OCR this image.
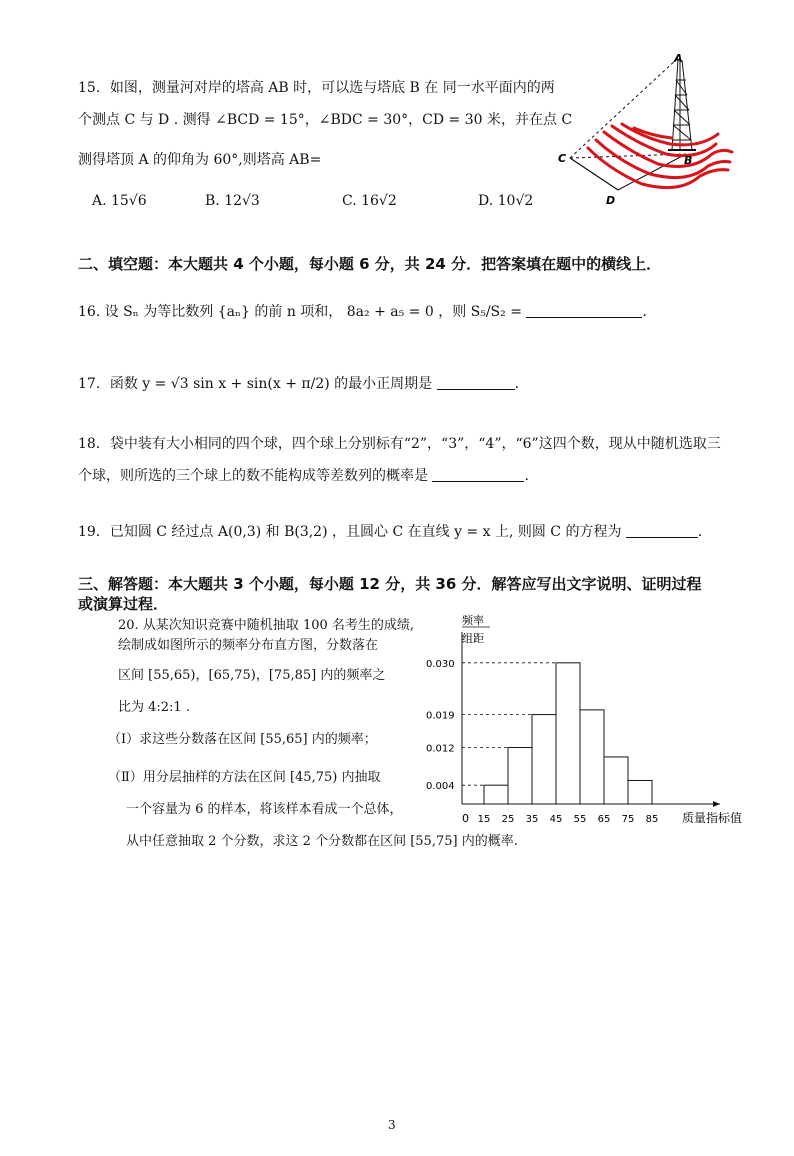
15．如图，测量河对岸的塔高 AB 时，可以选与塔底 B 在 同一水平面内的两
个测点 C 与 D . 测得 ∠BCD = 15°，∠BDC = 30°，CD = 30 米，并在点 C
测得塔顶 A 的仰角为 60°,则塔高 AB=
A. 15√6	B. 12√3	C. 16√2	D. 10√2
A
B
C
D
二、填空题：本大题共 4 个小题，每小题 6 分，共 24 分．把答案填在题中的横线上．
16. 设 Sₙ 为等比数列 {aₙ} 的前 n 项和， 8a₂ + a₅ = 0 ，则 S₅/S₂ =	.
17．函数 y = √3 sin x + sin(x + π/2) 的最小正周期是	.
18．袋中装有大小相同的四个球，四个球上分别标有“2”，“3”，“4”，“6”这四个数，现从中随机选取三
个球，则所选的三个球上的数不能构成等差数列的概率是	.
19．已知圆 C 经过点 A(0,3) 和 B(3,2) ，且圆心 C 在直线 y = x 上, 则圆 C 的方程为	.
三、解答题：本大题共 3 个小题，每小题 12 分，共 36 分．解答应写出文字说明、证明过程
或演算过程．
20. 从某次知识竞赛中随机抽取 100 名考生的成绩,
绘制成如图所示的频率分布直方图，分数落在
区间 [55,65)，[65,75)，[75,85] 内的频率之
比为 4:2:1 .
（Ⅰ）求这些分数落在区间 [55,65] 内的频率；
（Ⅱ）用分层抽样的方法在区间 [45,75) 内抽取
一个容量为 6 的样本，将该样本看成一个总体，
从中任意抽取 2 个分数，求这 2 个分数都在区间 [55,75] 内的概率.
频率
组距
0.004
0.012
0.019
0.030
15 25 35 45 55 65 75 85
0	质量指标值
3
